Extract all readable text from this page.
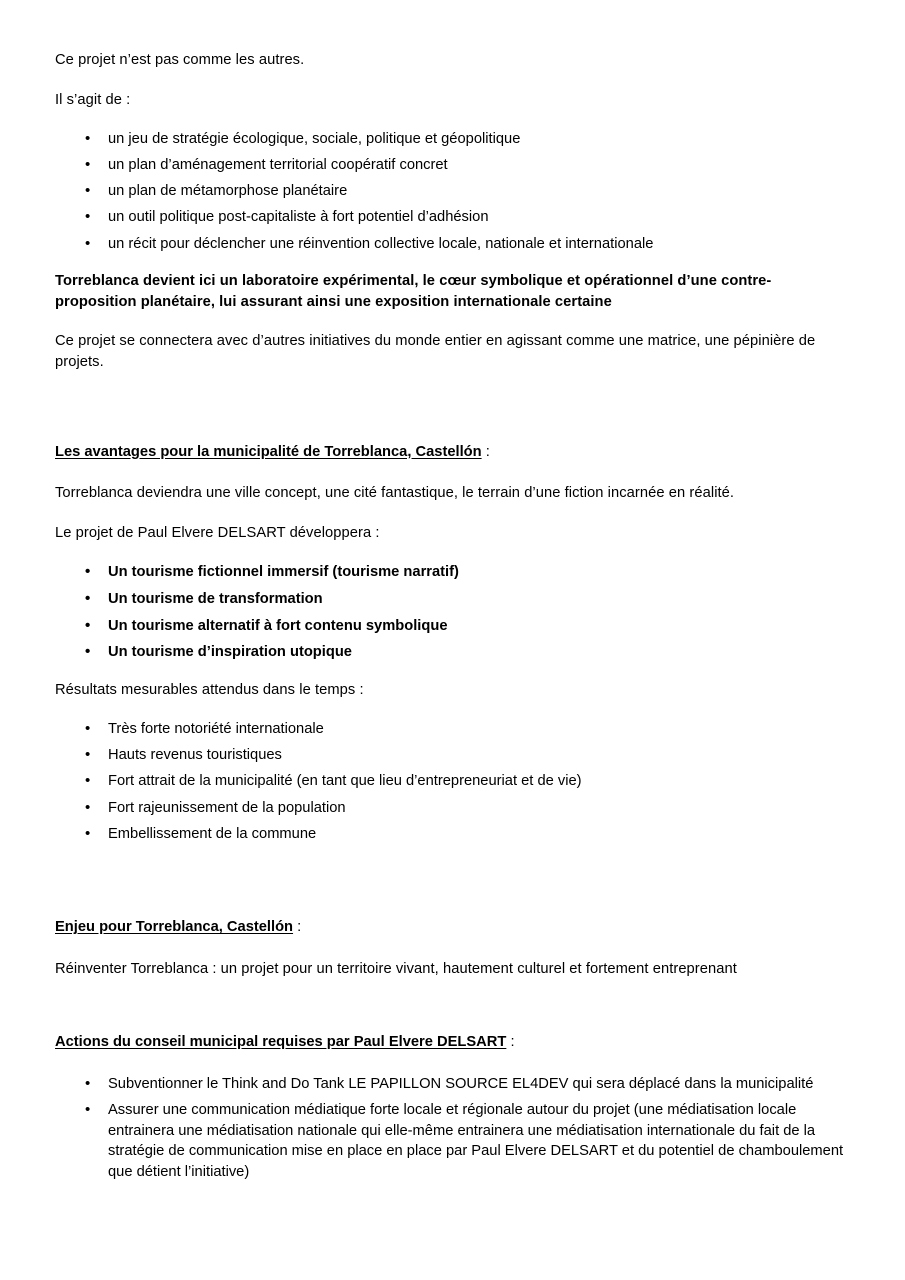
Ce projet n’est pas comme les autres.

Il s’agit de :

• un jeu de stratégie écologique, sociale, politique et géopolitique
• un plan d’aménagement territorial coopératif concret
• un plan de métamorphose planétaire
• un outil politique post-capitaliste à fort potentiel d’adhésion
• un récit pour déclencher une réinvention collective locale, nationale et internationale

Torreblanca devient ici un laboratoire expérimental, le cœur symbolique et opérationnel d’une contre-proposition planétaire, lui assurant ainsi une exposition internationale certaine

Ce projet se connectera avec d’autres initiatives du monde entier en agissant comme une matrice, une pépinière de projets.

Les avantages pour la municipalité de Torreblanca, Castellón :

Torreblanca deviendra une ville concept, une cité fantastique, le terrain d’une fiction incarnée en réalité.

Le projet de Paul Elvere DELSART développera :

• Un tourisme fictionnel immersif (tourisme narratif)
• Un tourisme de transformation
• Un tourisme alternatif à fort contenu symbolique
• Un tourisme d’inspiration utopique

Résultats mesurables attendus dans le temps :

• Très forte notoriété internationale
• Hauts revenus touristiques
• Fort attrait de la municipalité (en tant que lieu d’entrepreneuriat et de vie)
• Fort rajeunissement de la population
• Embellissement de la commune

Enjeu pour Torreblanca, Castellón :

Réinventer Torreblanca : un projet pour un territoire vivant, hautement culturel et fortement entreprenant

Actions du conseil municipal requises par Paul Elvere DELSART :

• Subventionner le Think and Do Tank LE PAPILLON SOURCE EL4DEV qui sera déplacé dans la municipalité
• Assurer une communication médiatique forte locale et régionale autour du projet (une médiatisation locale entrainera une médiatisation nationale qui elle-même entrainera une médiatisation internationale du fait de la stratégie de communication mise en place en place par Paul Elvere DELSART et du potentiel de chamboulement que détient l’initiative)
